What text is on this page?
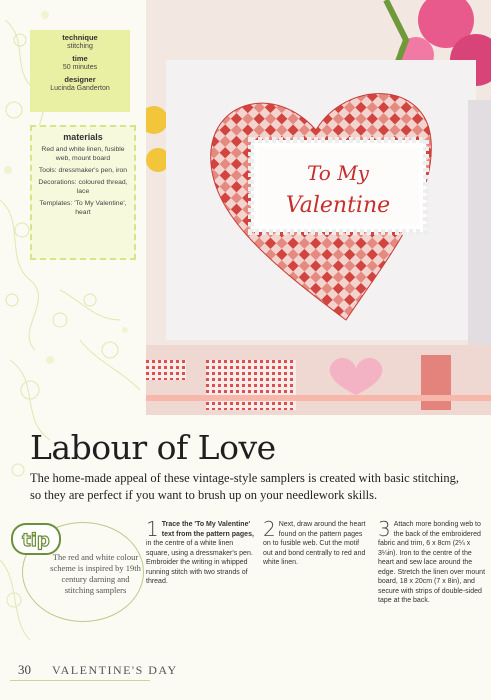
To My
Valentine
technique
stitching
time
50 minutes
designer
Lucinda Ganderton
materials
Red and white linen, fusible web, mount board
Tools: dressmaker's pen, iron
Decorations: coloured thread, lace
Templates: 'To My Valentine', heart
Labour of Love
The home-made appeal of these vintage-style samplers is created with basic stitching, so they are perfect if you want to brush up on your needlework skills.
tip
The red and white colour scheme is inspired by 19th century darning and stitching samplers
1 Trace the 'To My Valentine' text from the pattern pages, in the centre of a white linen square, using a dressmaker's pen. Embroider the writing in whipped running stitch with two strands of thread.
2 Next, draw around the heart found on the pattern pages on to fusible web. Cut the motif out and bond centrally to red and white linen.
3 Attach more bonding web to the back of the embroidered fabric and trim, 6 x 8cm (2¼ x 3¼in). Iron to the centre of the heart and sew lace around the edge. Stretch the linen over mount board, 18 x 20cm (7 x 8in), and secure with strips of double-sided tape at the back.
30 VALENTINE'S DAY
